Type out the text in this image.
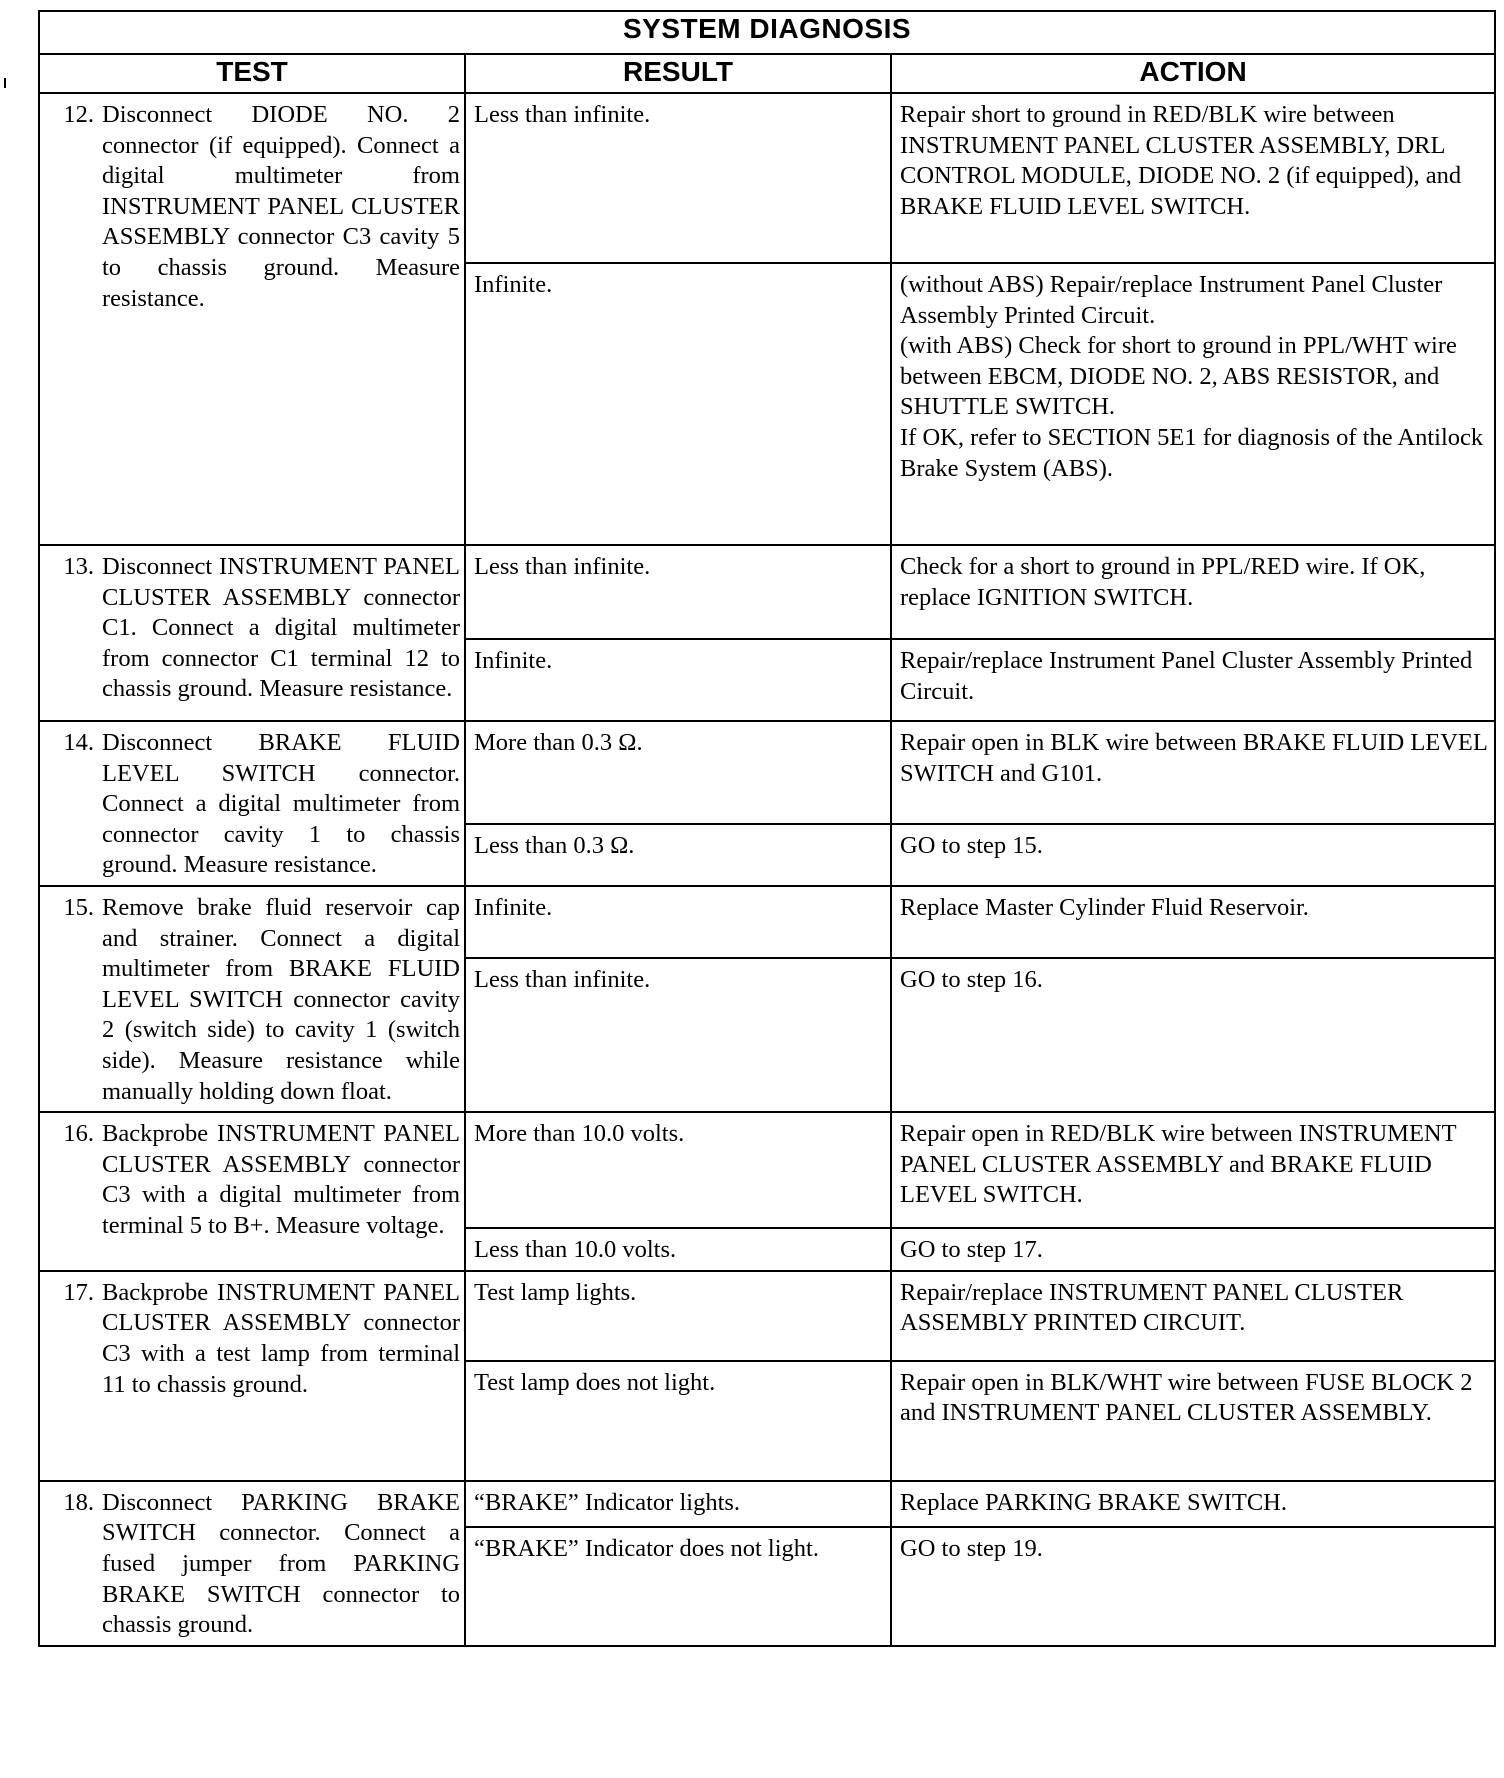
SYSTEM DIAGNOSIS		
TEST	RESULT	ACTION

12. Disconnect DIODE NO. 2 connector (if equipped). Connect a digital multimeter from INSTRUMENT PANEL CLUSTER ASSEMBLY connector C3 cavity 5 to chassis ground. Measure resistance.	Less than infinite.	Repair short to ground in RED/BLK wire between INSTRUMENT PANEL CLUSTER ASSEMBLY, DRL CONTROL MODULE, DIODE NO. 2 (if equipped), and BRAKE FLUID LEVEL SWITCH.

	Infinite.	(without ABS) Repair/replace Instrument Panel Cluster Assembly Printed Circuit.
(with ABS) Check for short to ground in PPL/WHT wire between EBCM, DIODE NO. 2, ABS RESISTOR, and SHUTTLE SWITCH.
If OK, refer to SECTION 5E1 for diagnosis of the Antilock Brake System (ABS).

13. Disconnect INSTRUMENT PANEL CLUSTER ASSEMBLY connector C1. Connect a digital multimeter from connector C1 terminal 12 to chassis ground. Measure resistance.	Less than infinite.	Check for a short to ground in PPL/RED wire. If OK, replace IGNITION SWITCH.

	Infinite.	Repair/replace Instrument Panel Cluster Assembly Printed Circuit.

14. Disconnect BRAKE FLUID LEVEL SWITCH connector. Connect a digital multimeter from connector cavity 1 to chassis ground. Measure resistance.	More than 0.3 Ω.	Repair open in BLK wire between BRAKE FLUID LEVEL SWITCH and G101.

	Less than 0.3 Ω.	GO to step 15.

15. Remove brake fluid reservoir cap and strainer. Connect a digital multimeter from BRAKE FLUID LEVEL SWITCH connector cavity 2 (switch side) to cavity 1 (switch side). Measure resistance while manually holding down float.	Infinite.	Replace Master Cylinder Fluid Reservoir.

	Less than infinite.	GO to step 16.

16. Backprobe INSTRUMENT PANEL CLUSTER ASSEMBLY connector C3 with a digital multimeter from terminal 5 to B+. Measure voltage.	More than 10.0 volts.	Repair open in RED/BLK wire between INSTRUMENT PANEL CLUSTER ASSEMBLY and BRAKE FLUID LEVEL SWITCH.

	Less than 10.0 volts.	GO to step 17.

17. Backprobe INSTRUMENT PANEL CLUSTER ASSEMBLY connector C3 with a test lamp from terminal 11 to chassis ground.	Test lamp lights.	Repair/replace INSTRUMENT PANEL CLUSTER ASSEMBLY PRINTED CIRCUIT.

	Test lamp does not light.	Repair open in BLK/WHT wire between FUSE BLOCK 2 and INSTRUMENT PANEL CLUSTER ASSEMBLY.

18. Disconnect PARKING BRAKE SWITCH connector. Connect a fused jumper from PARKING BRAKE SWITCH connector to chassis ground.	“BRAKE” Indicator lights.	Replace PARKING BRAKE SWITCH.

	“BRAKE” Indicator does not light.	GO to step 19.
